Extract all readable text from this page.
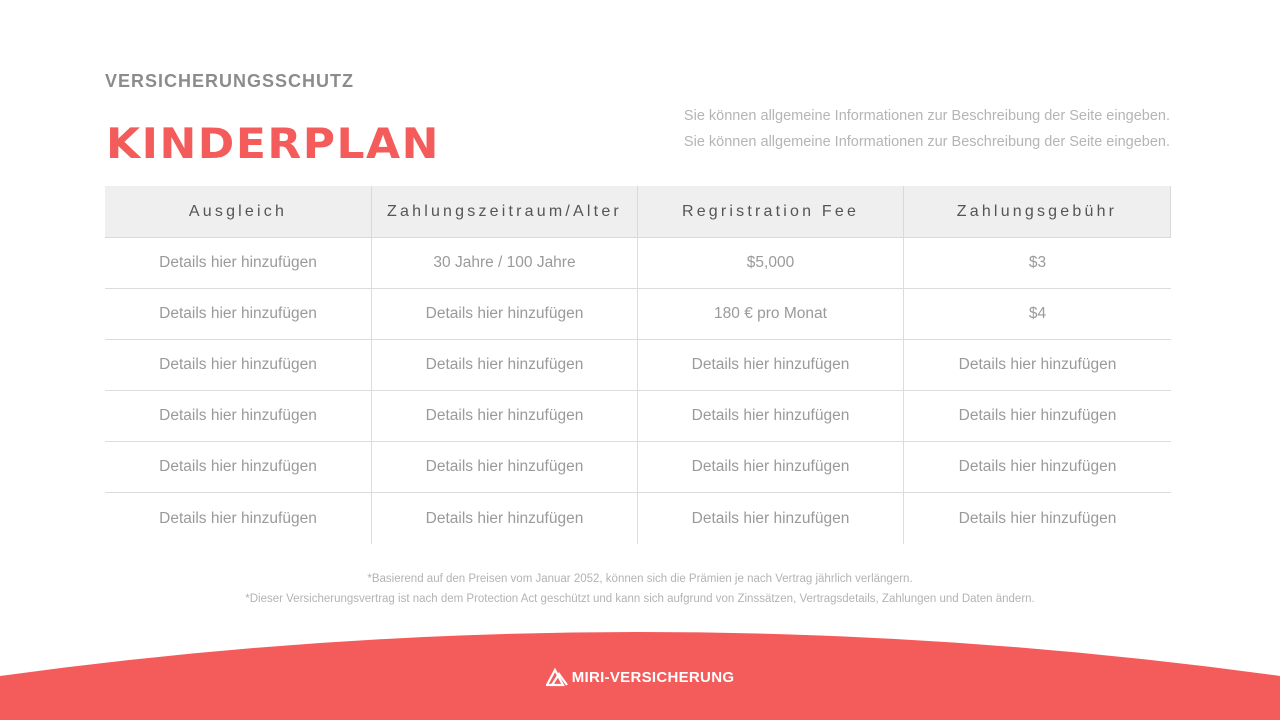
VERSICHERUNGSSCHUTZ
KINDERPLAN
Sie können allgemeine Informationen zur Beschreibung der Seite eingeben.
Sie können allgemeine Informationen zur Beschreibung der Seite eingeben.
Ausgleich	Zahlungszeitraum/Alter	Regristration Fee	Zahlungsgebühr
Details hier hinzufügen	30 Jahre / 100 Jahre	$5,000	$3
Details hier hinzufügen	Details hier hinzufügen	180 € pro Monat	$4
Details hier hinzufügen	Details hier hinzufügen	Details hier hinzufügen	Details hier hinzufügen
Details hier hinzufügen	Details hier hinzufügen	Details hier hinzufügen	Details hier hinzufügen
Details hier hinzufügen	Details hier hinzufügen	Details hier hinzufügen	Details hier hinzufügen
Details hier hinzufügen	Details hier hinzufügen	Details hier hinzufügen	Details hier hinzufügen
*Basierend auf den Preisen vom Januar 2052, können sich die Prämien je nach Vertrag jährlich verlängern.
*Dieser Versicherungsvertrag ist nach dem Protection Act geschützt und kann sich aufgrund von Zinssätzen, Vertragsdetails, Zahlungen und Daten ändern.
MIRI-VERSICHERUNG
